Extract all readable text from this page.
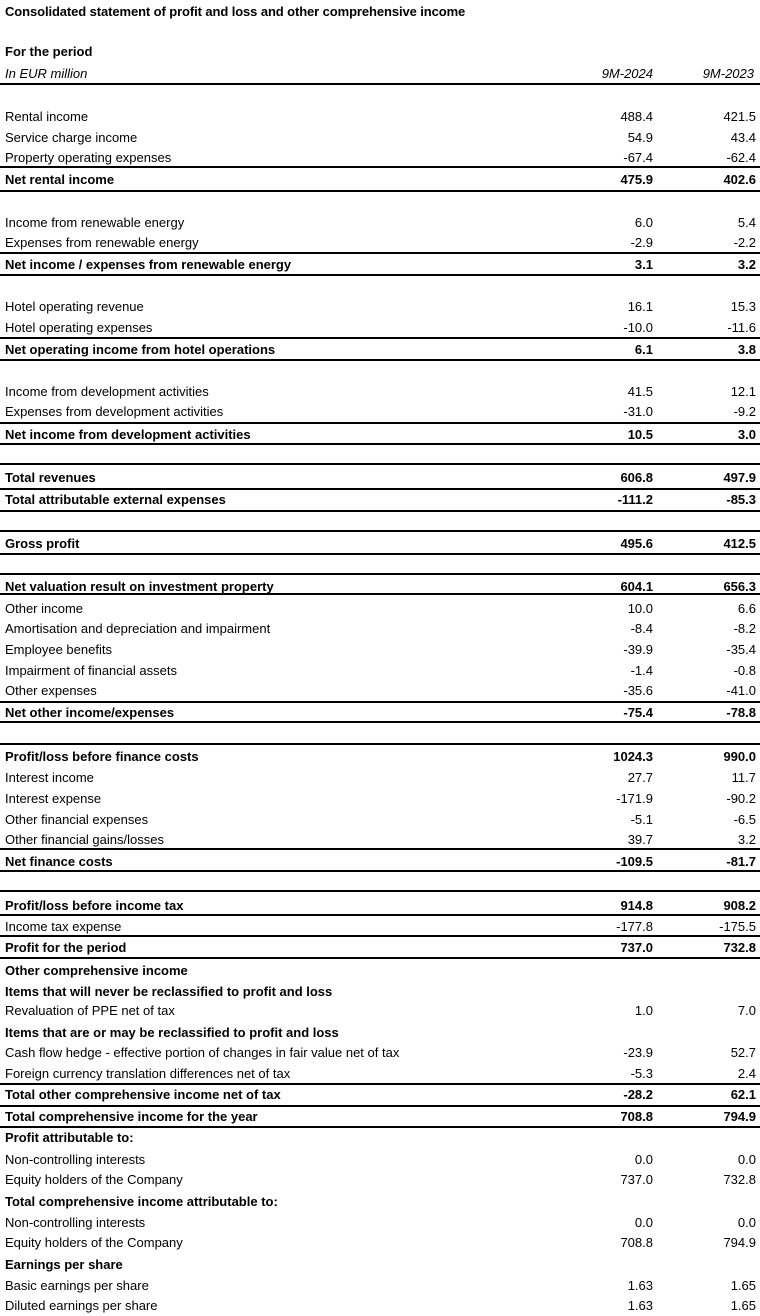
Consolidated statement of profit and loss and other comprehensive income
For the period
In EUR million	9M-2024	9M-2023
Rental income	488.4	421.5
Service charge income	54.9	43.4
Property operating expenses	-67.4	-62.4
Net rental income	475.9	402.6
Income from renewable energy	6.0	5.4
Expenses from renewable energy	-2.9	-2.2
Net income / expenses from renewable energy	3.1	3.2
Hotel operating revenue	16.1	15.3
Hotel operating expenses	-10.0	-11.6
Net operating income from hotel operations	6.1	3.8
Income from development activities	41.5	12.1
Expenses from development activities	-31.0	-9.2
Net income from development activities	10.5	3.0
Total revenues	606.8	497.9
Total attributable external expenses	-111.2	-85.3
Gross profit	495.6	412.5
Net valuation result on investment property	604.1	656.3
Other income	10.0	6.6
Amortisation and depreciation and impairment	-8.4	-8.2
Employee benefits	-39.9	-35.4
Impairment of financial assets	-1.4	-0.8
Other expenses	-35.6	-41.0
Net other income/expenses	-75.4	-78.8
Profit/loss before finance costs	1024.3	990.0
Interest income	27.7	11.7
Interest expense	-171.9	-90.2
Other financial expenses	-5.1	-6.5
Other financial gains/losses	39.7	3.2
Net finance costs	-109.5	-81.7
Profit/loss before income tax	914.8	908.2
Income tax expense	-177.8	-175.5
Profit for the period	737.0	732.8
Other comprehensive income
Items that will never be reclassified to profit and loss
Revaluation of PPE net of tax	1.0	7.0
Items that are or may be reclassified to profit and loss
Cash flow hedge - effective portion of changes in fair value net of tax	-23.9	52.7
Foreign currency translation differences net of tax	-5.3	2.4
Total other comprehensive income net of tax	-28.2	62.1
Total comprehensive income for the year	708.8	794.9
Profit attributable to:
Non-controlling interests	0.0	0.0
Equity holders of the Company	737.0	732.8
Total comprehensive income attributable to:
Non-controlling interests	0.0	0.0
Equity holders of the Company	708.8	794.9
Earnings per share
Basic earnings per share	1.63	1.65
Diluted earnings per share	1.63	1.65
